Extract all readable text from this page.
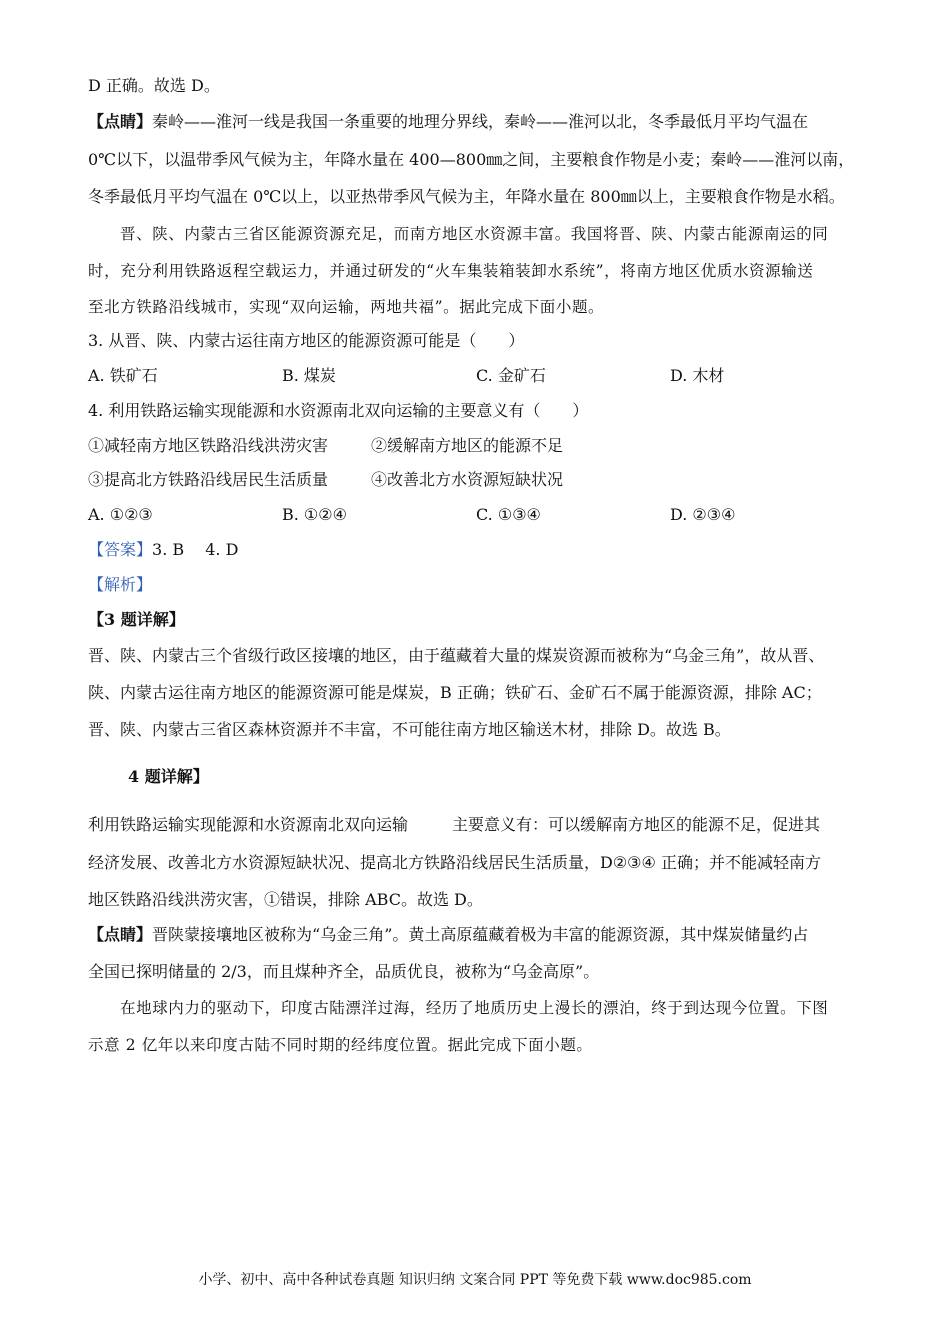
D 正确。故选 D。
【点睛】秦岭——淮河一线是我国一条重要的地理分界线，秦岭——淮河以北，冬季最低月平均气温在
0℃以下，以温带季风气候为主，年降水量在 400—800㎜之间，主要粮食作物是小麦；秦岭——淮河以南，
冬季最低月平均气温在 0℃以上，以亚热带季风气候为主，年降水量在 800㎜以上，主要粮食作物是水稻。
晋、陕、内蒙古三省区能源资源充足，而南方地区水资源丰富。我国将晋、陕、内蒙古能源南运的同
时，充分利用铁路返程空载运力，并通过研发的“火车集装箱装卸水系统”，将南方地区优质水资源输送
至北方铁路沿线城市，实现“双向运输，两地共福”。据此完成下面小题。
3. 从晋、陕、内蒙古运往南方地区的能源资源可能是（　　）
A. 铁矿石	B. 煤炭	C. 金矿石	D. 木材
4. 利用铁路运输实现能源和水资源南北双向运输的主要意义有（　　）
①减轻南方地区铁路沿线洪涝灾害	②缓解南方地区的能源不足
③提高北方铁路沿线居民生活质量	④改善北方水资源短缺状况
A. ①②③	B. ①②④	C. ①③④	D. ②③④
【答案】3. B　 4. D
【解析】
【3 题详解】
晋、陕、内蒙古三个省级行政区接壤的地区，由于蕴藏着大量的煤炭资源而被称为“乌金三角”，故从晋、
陕、内蒙古运往南方地区的能源资源可能是煤炭，B 正确；铁矿石、金矿石不属于能源资源，排除 AC；
晋、陕、内蒙古三省区森林资源并不丰富，不可能往南方地区输送木材，排除 D。故选 B。
4 题详解】
利用铁路运输实现能源和水资源南北双向运输	主要意义有：可以缓解南方地区的能源不足，促进其
经济发展、改善北方水资源短缺状况、提高北方铁路沿线居民生活质量，D②③④ 正确；并不能减轻南方
地区铁路沿线洪涝灾害，①错误，排除 ABC。故选 D。
【点睛】晋陕蒙接壤地区被称为“乌金三角”。黄土高原蕴藏着极为丰富的能源资源，其中煤炭储量约占
全国已探明储量的 2/3，而且煤种齐全，品质优良，被称为“乌金高原”。
在地球内力的驱动下，印度古陆漂洋过海，经历了地质历史上漫长的漂泊，终于到达现今位置。下图
示意 2 亿年以来印度古陆不同时期的经纬度位置。据此完成下面小题。
小学、初中、高中各种试卷真题 知识归纳 文案合同 PPT 等免费下载 www.doc985.com
